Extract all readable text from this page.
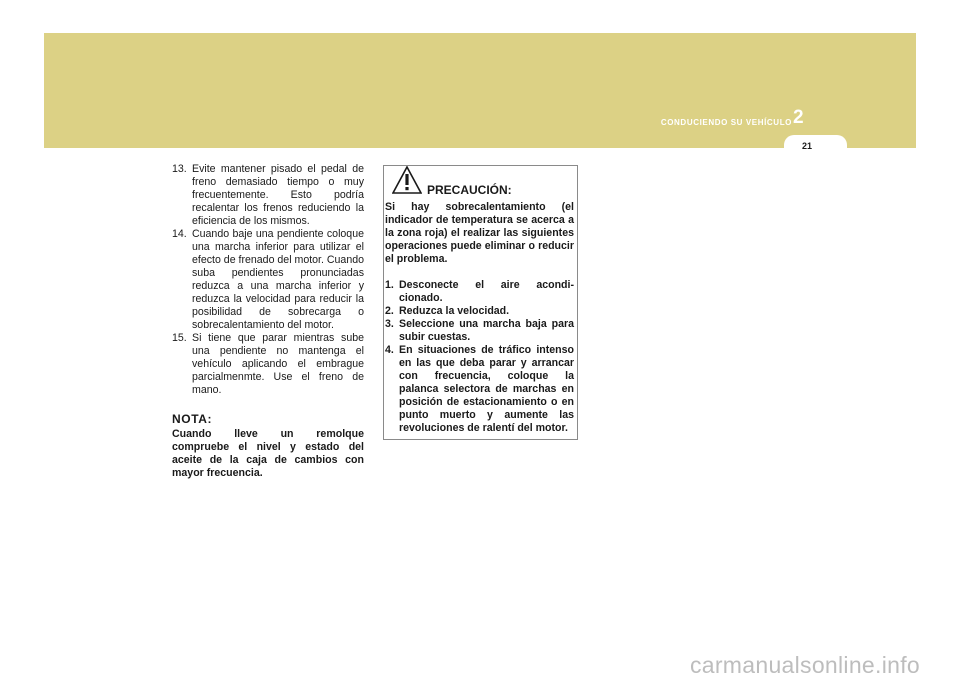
CONDUCIENDO SU VEHÍCULO 2
21
13. Evite mantener pisado el pedal de freno demasiado tiempo o muy frecuentemente. Esto podría recalentar los frenos reduciendo la eficiencia de los mismos.
14. Cuando baje una pendiente coloque una marcha inferior para utilizar el efecto de frenado del motor. Cuando suba pendientes pronunciadas reduzca a una marcha inferior y reduzca la velocidad para reducir la posibilidad de sobrecarga o sobrecalentamiento del motor.
15. Si tiene que parar mientras sube una pendiente no mantenga el vehículo aplicando el embrague parcialmenmte. Use el freno de mano.
NOTA:
Cuando lleve un remolque compruebe el nivel y estado del aceite de la caja de cambios con mayor frecuencia.
PRECAUCIÓN:
Si hay sobrecalentamiento (el indicador de temperatura se acerca a la zona roja) el realizar las siguientes operaciones puede eliminar o reducir el problema.
1. Desconecte el aire acondi-cionado.
2. Reduzca la velocidad.
3. Seleccione una marcha baja para subir cuestas.
4. En situaciones de tráfico intenso en las que deba parar y arrancar con frecuencia, coloque la palanca selectora de marchas en posición de estacionamiento o en punto muerto y aumente las revoluciones de ralentí del motor.
carmanualsonline.info
